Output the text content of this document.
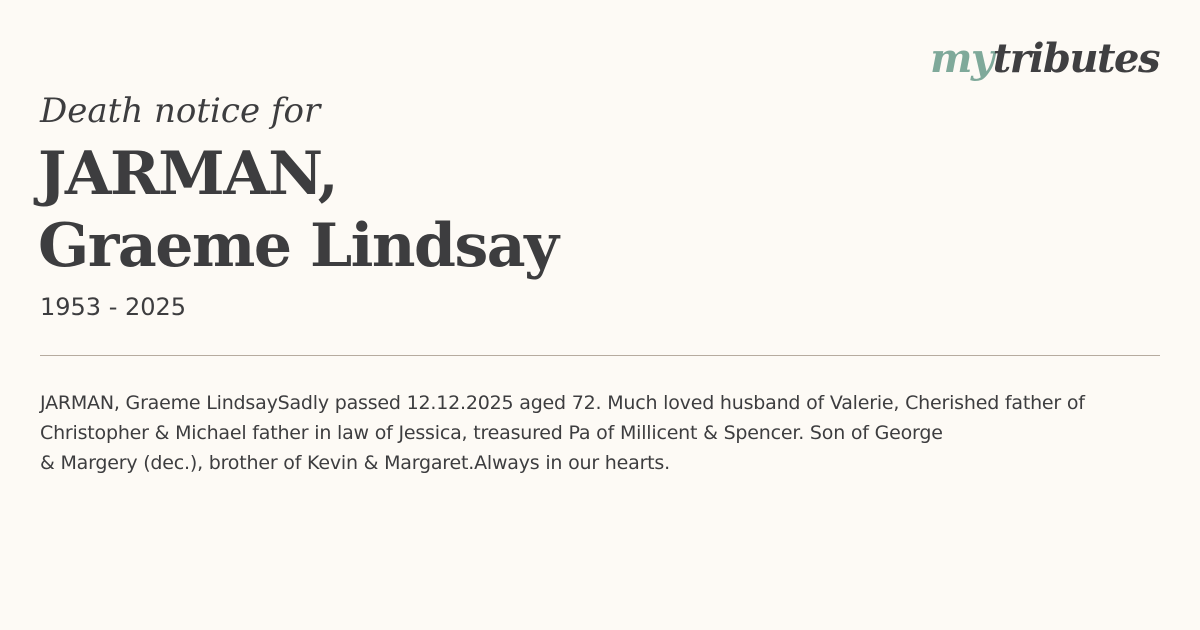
mytributes
Death notice for
JARMAN,
Graeme Lindsay
1953 - 2025
JARMAN, Graeme LindsaySadly passed 12.12.2025 aged 72. Much loved husband of Valerie, Cherished father of
Christopher & Michael father in law of Jessica, treasured Pa of Millicent & Spencer. Son of George
& Margery (dec.), brother of Kevin & Margaret.Always in our hearts.
